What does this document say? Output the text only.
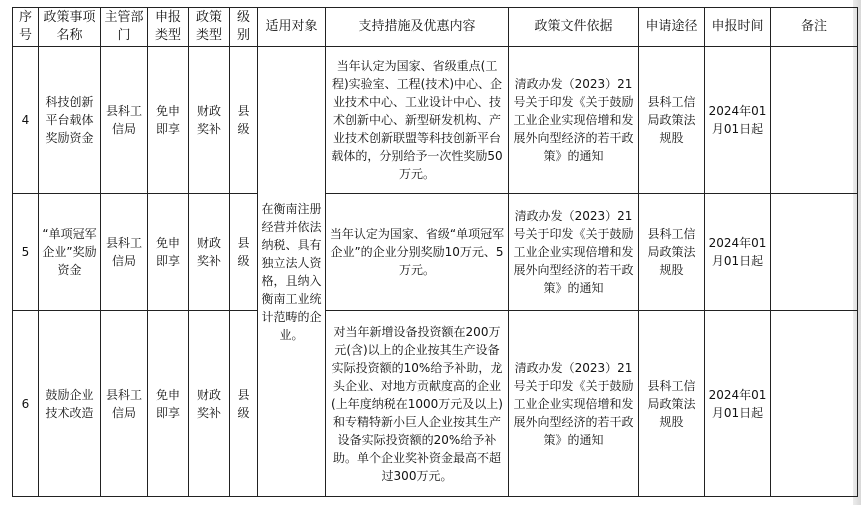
序号	政策事项名称	主管部门	申报类型	政策类型	级别	适用对象	支持措施及优惠内容	政策文件依据	申请途径	申报时间	备注
4	科技创新平台载体奖励资金	县科工信局	免申即享	财政奖补	县级	在衡南注册经营并依法纳税、具有独立法人资格，且纳入衡南工业统计范畴的企业。	当年认定为国家、省级重点(工程)实验室、工程(技术)中心、企业技术中心、工业设计中心、技术创新中心、新型研发机构、产业技术创新联盟等科技创新平台载体的，分别给予一次性奖励50万元。	清政办发（2023）21号关于印发《关于鼓励工业企业实现倍增和发展外向型经济的若干政策》的通知	县科工信局政策法规股	2024年01月01日起	
5	“单项冠军企业”奖励资金	县科工信局	免申即享	财政奖补	县级		当年认定为国家、省级“单项冠军企业”的企业分别奖励10万元、5万元。	清政办发（2023）21号关于印发《关于鼓励工业企业实现倍增和发展外向型经济的若干政策》的通知	县科工信局政策法规股	2024年01月01日起	
6	鼓励企业技术改造	县科工信局	免申即享	财政奖补	县级		对当年新增设备投资额在200万元(含)以上的企业按其生产设备实际投资额的10%给予补助，龙头企业、对地方贡献度高的企业(上年度纳税在1000万元及以上)和专精特新小巨人企业按其生产设备实际投资额的20%给予补助。单个企业奖补资金最高不超过300万元。	清政办发（2023）21号关于印发《关于鼓励工业企业实现倍增和发展外向型经济的若干政策》的通知	县科工信局政策法规股	2024年01月01日起	
